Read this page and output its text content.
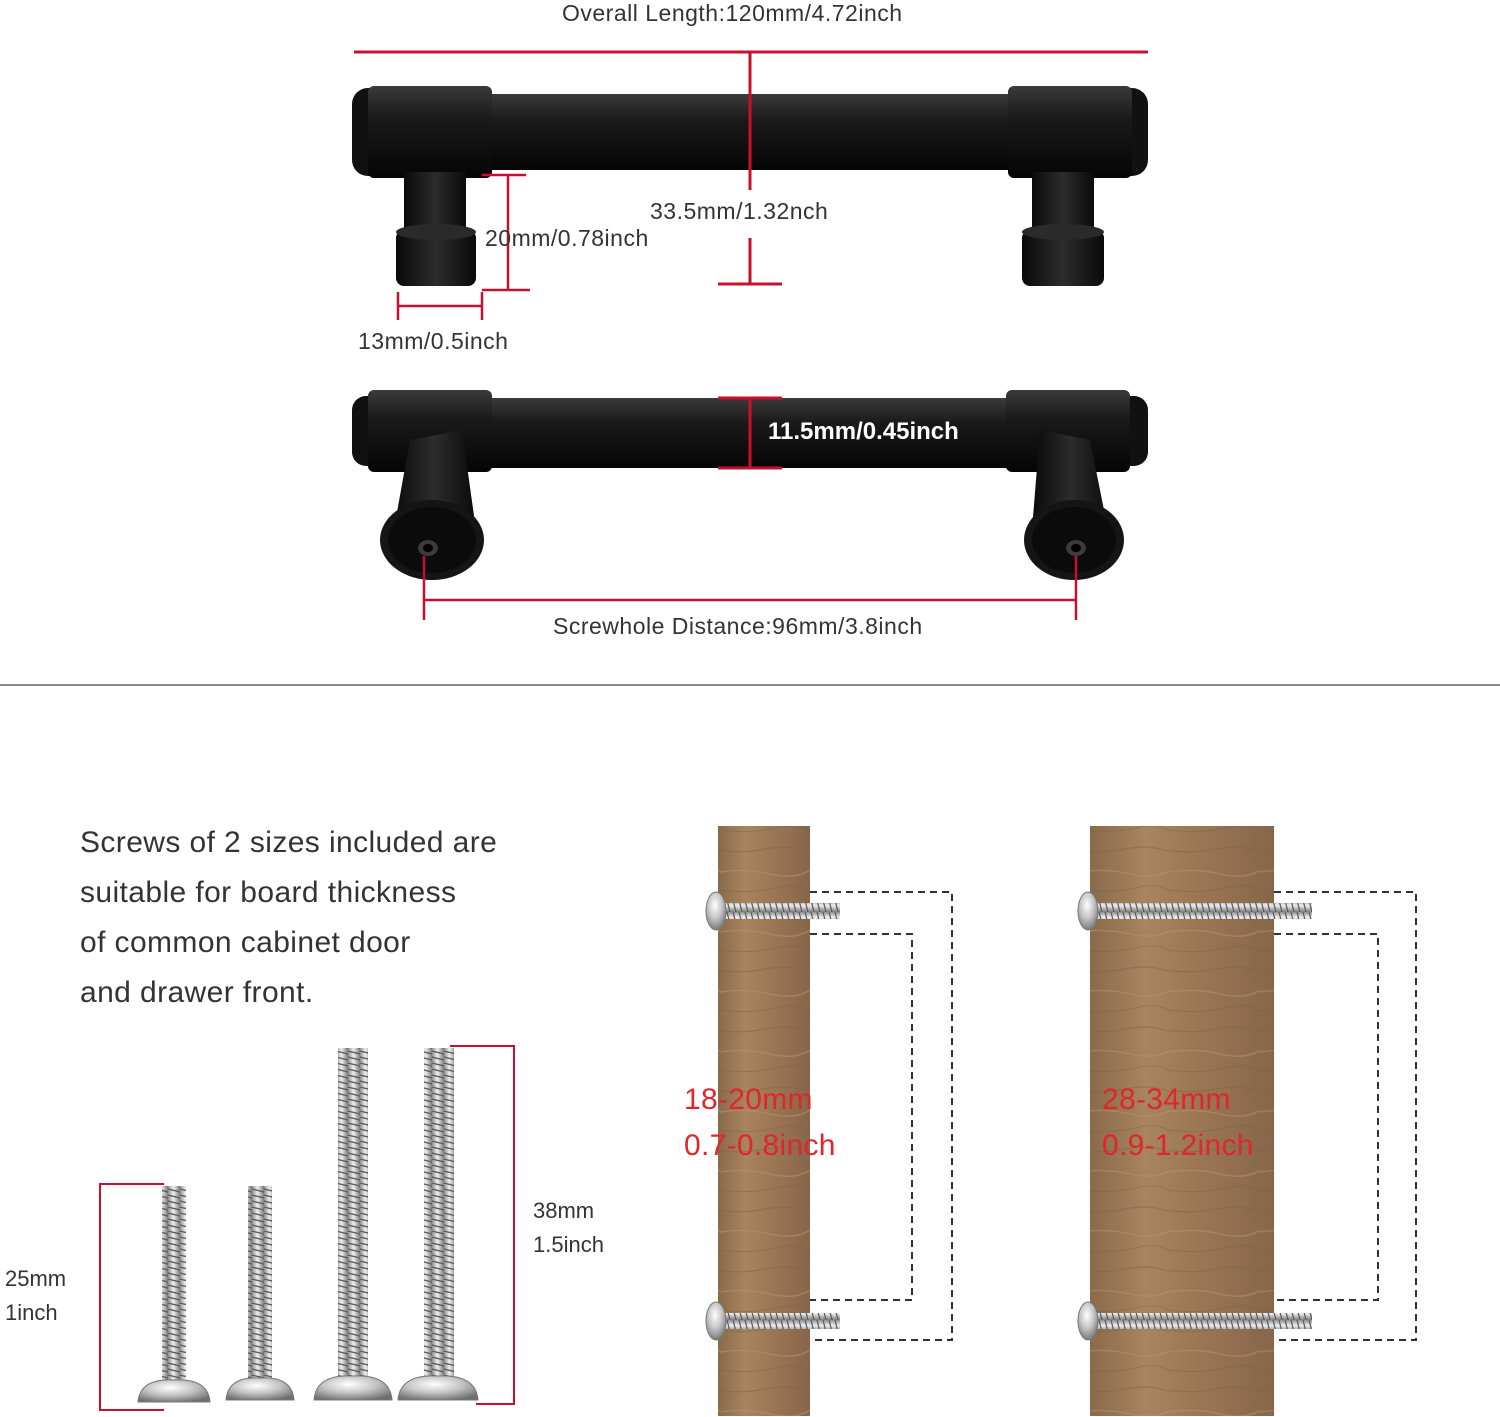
Overall Length:120mm/4.72inch
33.5mm/1.32nch
20mm/0.78inch
13mm/0.5inch
11.5mm/0.45inch
Screwhole Distance:96mm/3.8inch
Screws of 2 sizes included are
suitable for board thickness
of common cabinet door
and drawer front.
25mm
1inch
38mm
1.5inch
18-20mm
0.7-0.8inch
28-34mm
0.9-1.2inch
